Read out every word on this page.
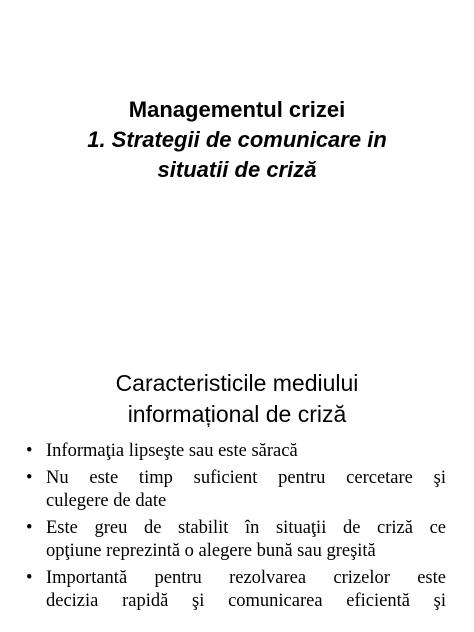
Managementul crizei
1. Strategii de comunicare in
situatii de criză
Caracteristicile mediului
informațional de criză
• Informaţia lipseşte sau este săracă
• Nu este timp suficient pentru cercetare şi
culegere de date
• Este greu de stabilit în situaţii de criză ce
opţiune reprezintă o alegere bună sau greşită
• Importantă pentru rezolvarea crizelor este
decizia rapidă şi comunicarea eficientă şi
